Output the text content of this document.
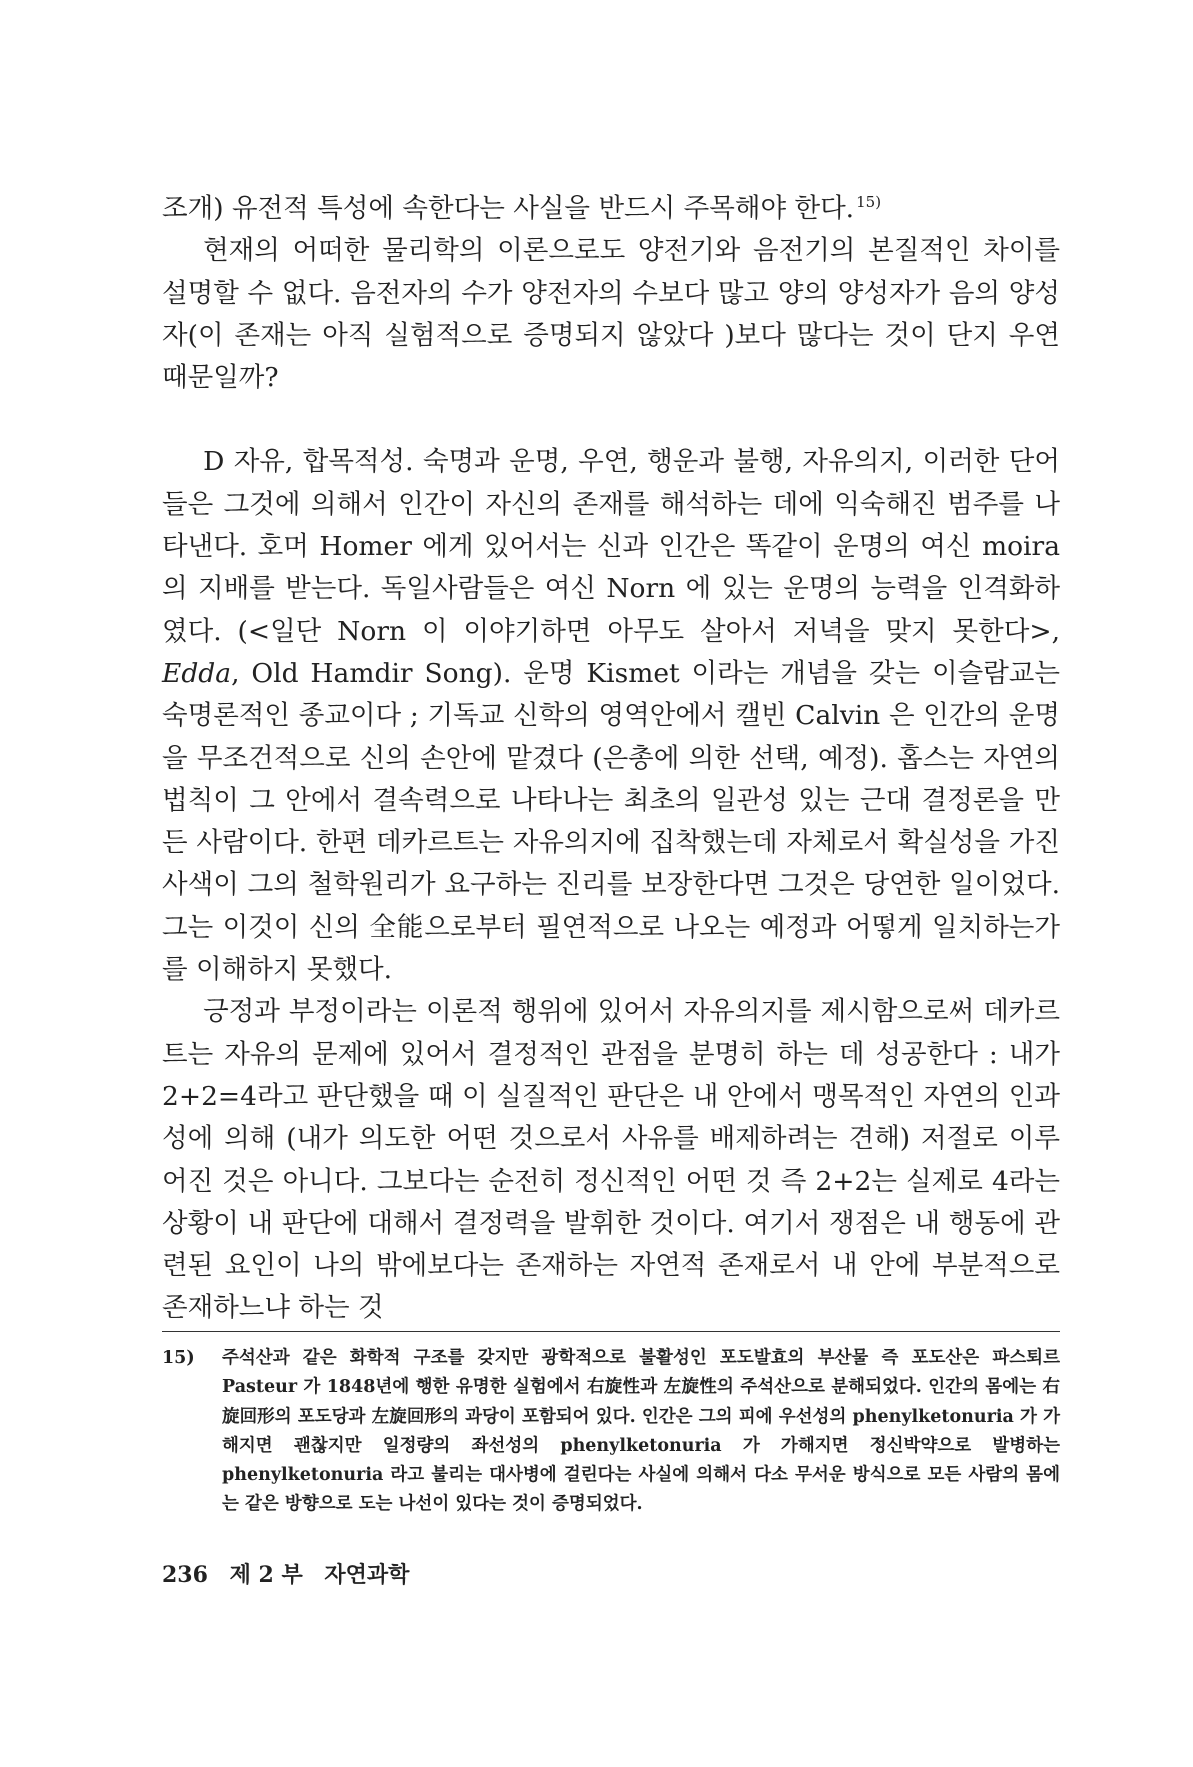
조개) 유전적 특성에 속한다는 사실을 반드시 주목해야 한다. $^{15)}$

현재의 어떠한 물리학의 이론으로도 양전기와 음전기의 본질적인 차이를 설명할 수 없다. 음전자의 수가 양전자의 수보다 많고 양의 양성자가 음의 양성자(이 존재는 아직 실험적으로 증명되지 않았다 )보다 많다는 것이 단지 우연 때문일까?

D 자유, 합목적성. 숙명과 운명, 우연, 행운과 불행, 자유의지, 이러한 단어들은 그것에 의해서 인간이 자신의 존재를 해석하는 데에 익숙해진 범주를 나타낸다. 호머 Homer 에게 있어서는 신과 인간은 똑같이 운명의 여신 moira 의 지배를 받는다. 독일사람들은 여신 Norn 에 있는 운명의 능력을 인격화하였다. (<일단 Norn 이 이야기하면 아무도 살아서 저녁을 맞지 못한다>, Edda, Old Hamdir Song). 운명 Kismet 이라는 개념을 갖는 이슬람교는 숙명론적인 종교이다 ; 기독교 신학의 영역안에서 캘빈 Calvin 은 인간의 운명을 무조건적으로 신의 손안에 맡겼다 (은총에 의한 선택, 예정). 홉스는 자연의 법칙이 그 안에서 결속력으로 나타나는 최초의 일관성 있는 근대 결정론을 만든 사람이다. 한편 데카르트는 자유의지에 집착했는데 자체로서 확실성을 가진 사색이 그의 철학원리가 요구하는 진리를 보장한다면 그것은 당연한 일이었다. 그는 이것이 신의 全能으로부터 필연적으로 나오는 예정과 어떻게 일치하는가를 이해하지 못했다.

긍정과 부정이라는 이론적 행위에 있어서 자유의지를 제시함으로써 데카르트는 자유의 문제에 있어서 결정적인 관점을 분명히 하는 데 성공한다 : 내가 2+2=4라고 판단했을 때 이 실질적인 판단은 내 안에서 맹목적인 자연의 인과성에 의해 (내가 의도한 어떤 것으로서 사유를 배제하려는 견해) 저절로 이루어진 것은 아니다. 그보다는 순전히 정신적인 어떤 것 즉 2+2는 실제로 4라는 상황이 내 판단에 대해서 결정력을 발휘한 것이다. 여기서 쟁점은 내 행동에 관련된 요인이 나의 밖에보다는 존재하는 자연적 존재로서 내 안에 부분적으로 존재하느냐 하는 것

15) 주석산과 같은 화학적 구조를 갖지만 광학적으로 불활성인 포도발효의 부산물 즉 포도산은 파스퇴르 Pasteur 가 1848년에 행한 유명한 실험에서 右旋性과 左旋性의 주석산으로 분해되었다. 인간의 몸에는 右旋回形의 포도당과 左旋回形의 과당이 포함되어 있다. 인간은 그의 피에 우선성의 phenylketonuria 가 가해지면 괜찮지만 일정량의 좌선성의 phenylketonuria 가 가해지면 정신박약으로 발병하는 phenylketonuria 라고 불리는 대사병에 걸린다는 사실에 의해서 다소 무서운 방식으로 모든 사람의 몸에는 같은 방향으로 도는 나선이 있다는 것이 증명되었다.
236 제 2 부 자연과학
